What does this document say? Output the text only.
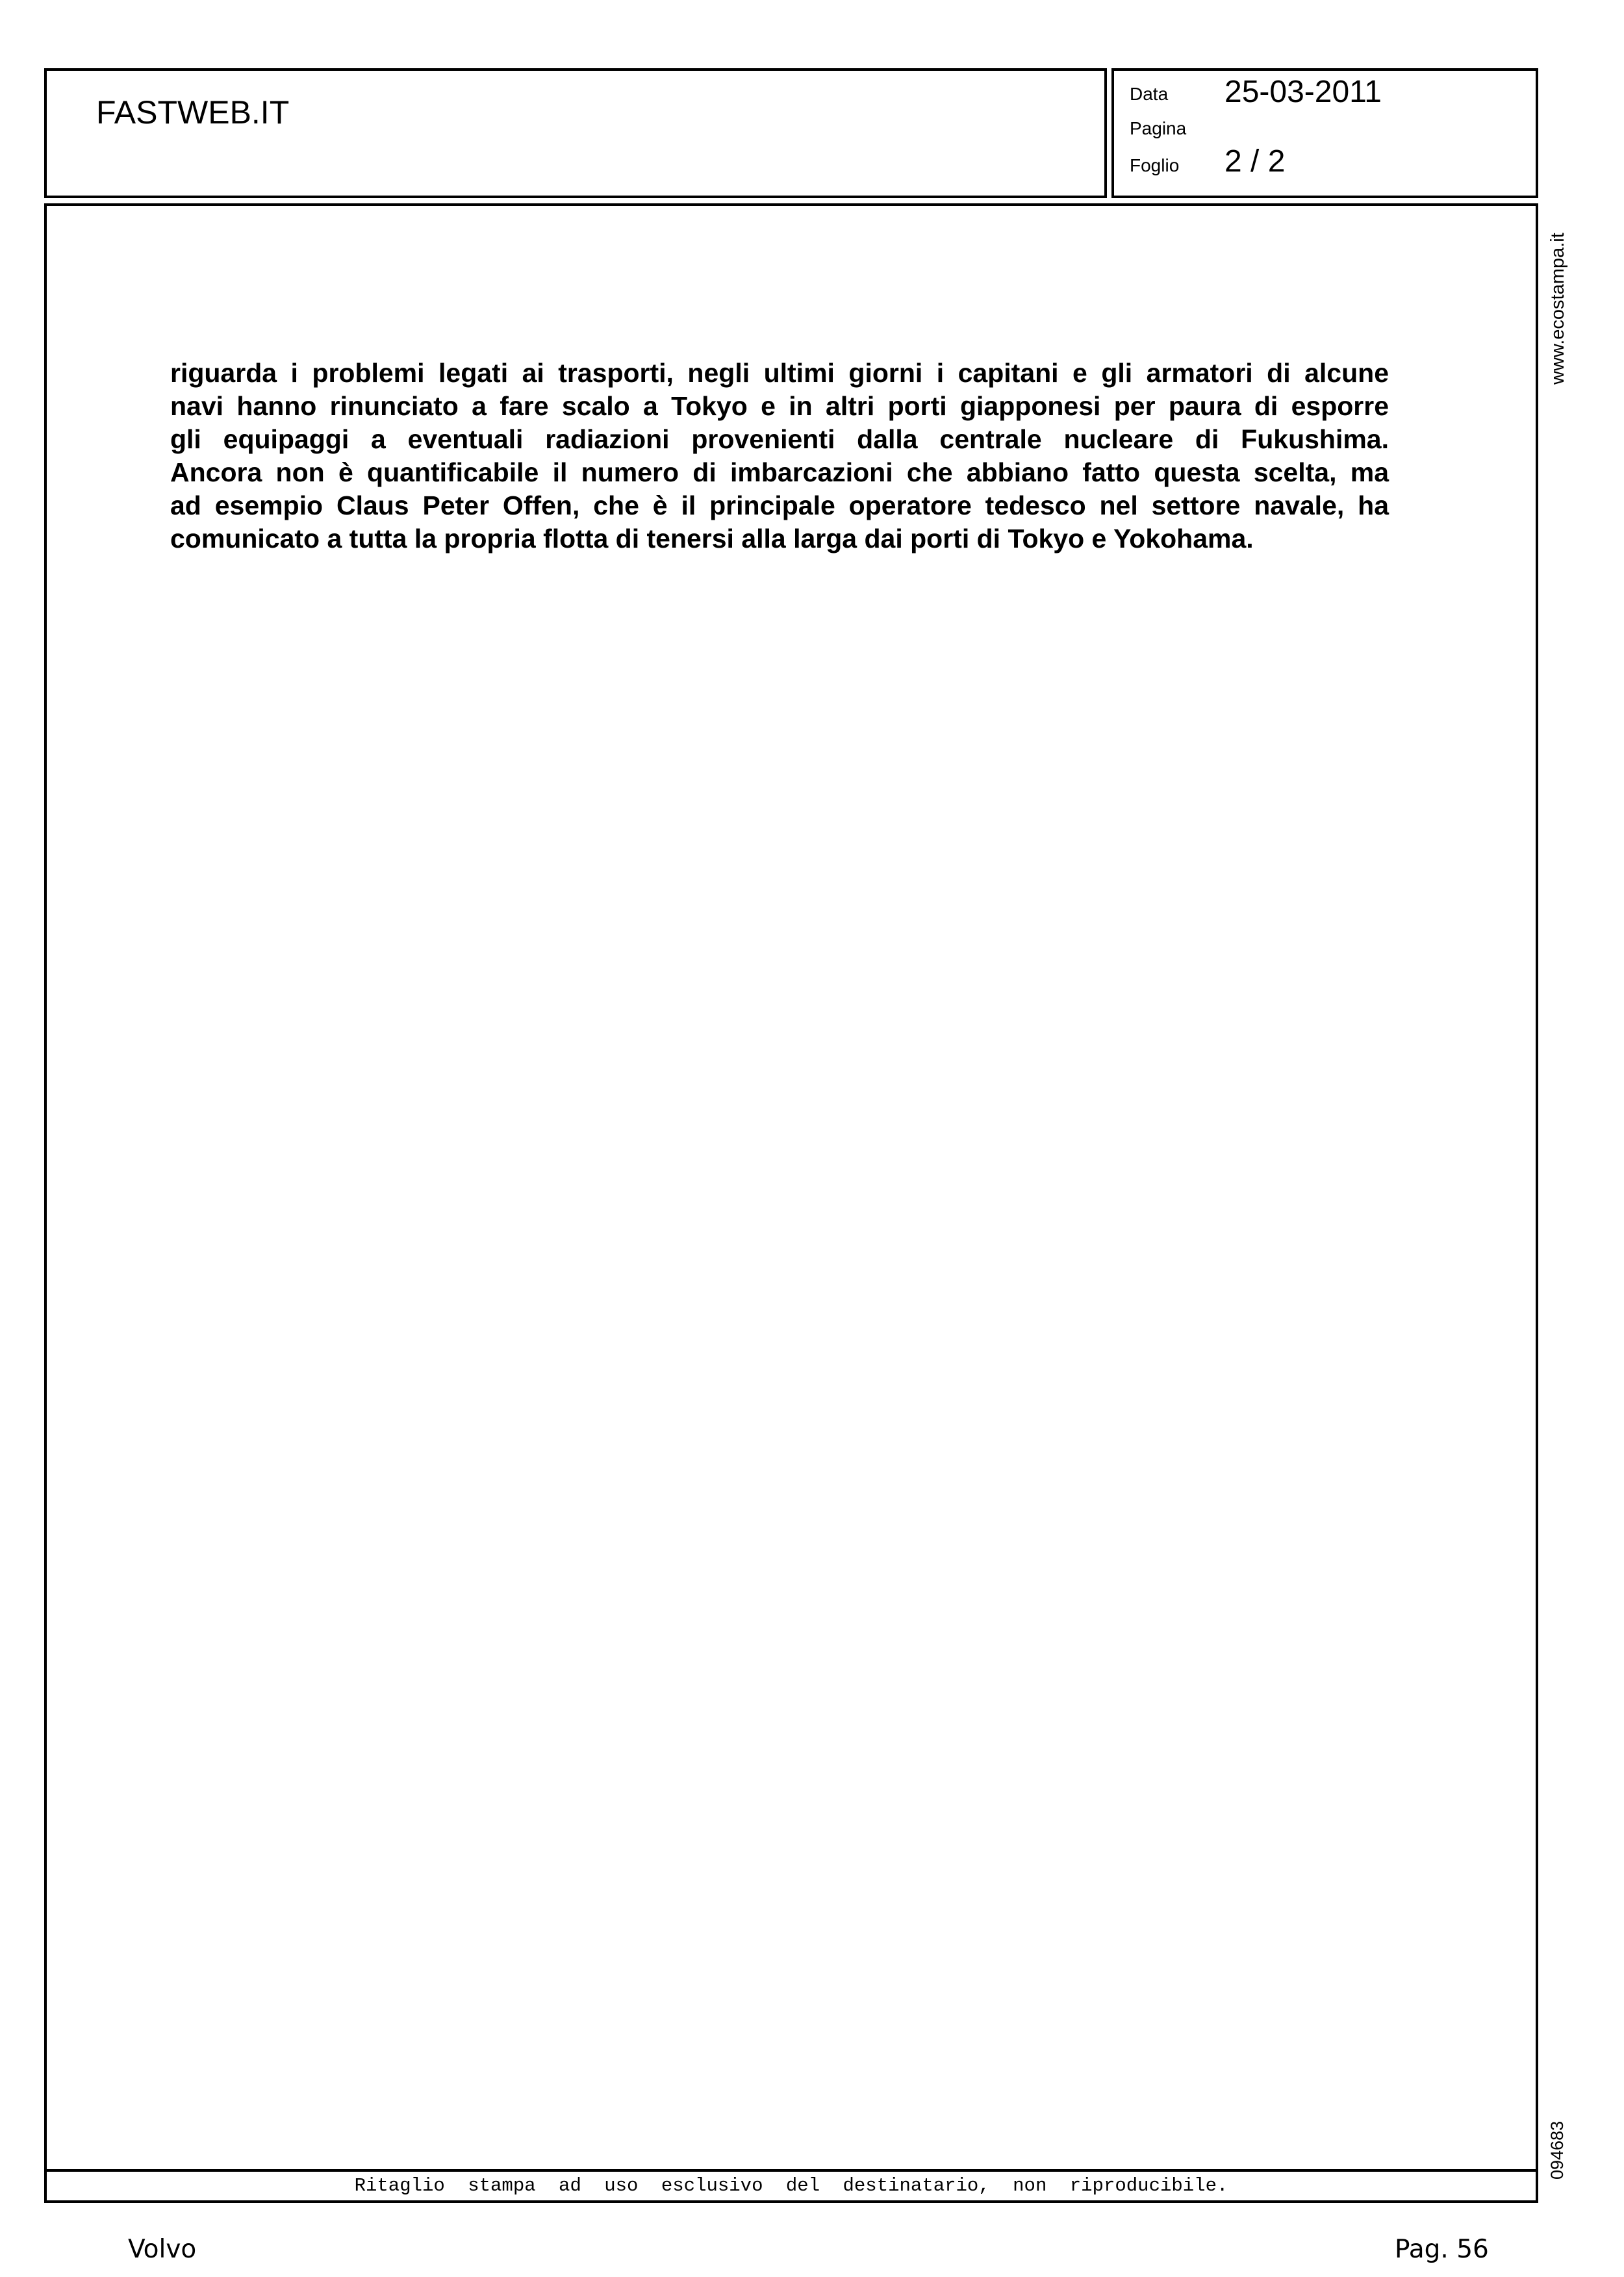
FASTWEB.IT
Data 25-03-2011
Pagina
Foglio 2 / 2
riguarda i problemi legati ai trasporti, negli ultimi giorni i capitani e gli armatori di alcune
navi hanno rinunciato a fare scalo a Tokyo e in altri porti giapponesi per paura di esporre
gli equipaggi a eventuali radiazioni provenienti dalla centrale nucleare di Fukushima.
Ancora non è quantificabile il numero di imbarcazioni che abbiano fatto questa scelta, ma
ad esempio Claus Peter Offen, che è il principale operatore tedesco nel settore navale, ha
comunicato a tutta la propria flotta di tenersi alla larga dai porti di Tokyo e Yokohama.
Ritaglio stampa ad uso esclusivo del destinatario, non riproducibile.
www.ecostampa.it
094683
Volvo	Pag. 56
